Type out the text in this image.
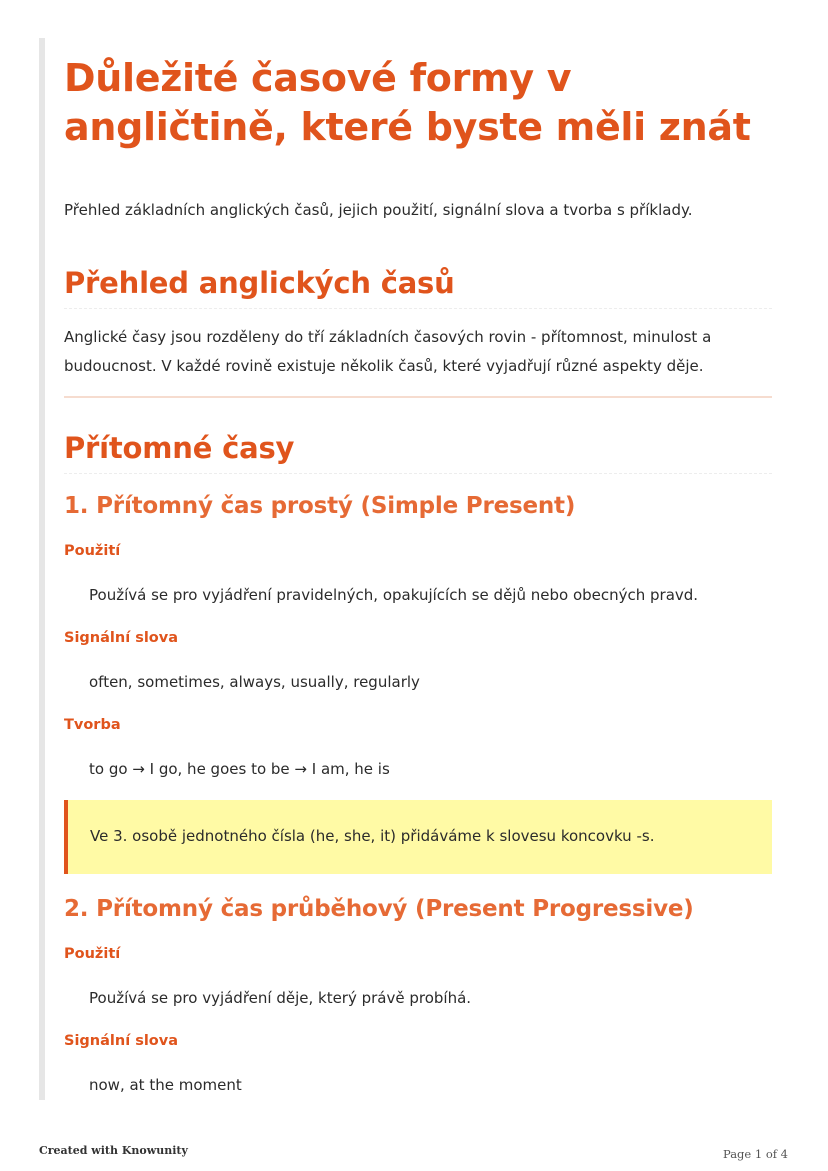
Důležité časové formy v angličtině, které byste měli znát

Přehled základních anglických časů, jejich použití, signální slova a tvorba s příklady.

Přehled anglických časů

Anglické časy jsou rozděleny do tří základních časových rovin - přítomnost, minulost a budoucnost. V každé rovině existuje několik časů, které vyjadřují různé aspekty děje.

Přítomné časy
1. Přítomný čas prostý (Simple Present)

Použití

Používá se pro vyjádření pravidelných, opakujících se dějů nebo obecných pravd.

Signální slova

often, sometimes, always, usually, regularly

Tvorba

to go → I go, he goes to be → I am, he is

Ve 3. osobě jednotného čísla (he, she, it) přidáváme k slovesu koncovku -s.
2. Přítomný čas průběhový (Present Progressive)

Použití

Používá se pro vyjádření děje, který právě probíhá.

Signální slova

now, at the moment

Created with Knowunity	Page 1 of 4
